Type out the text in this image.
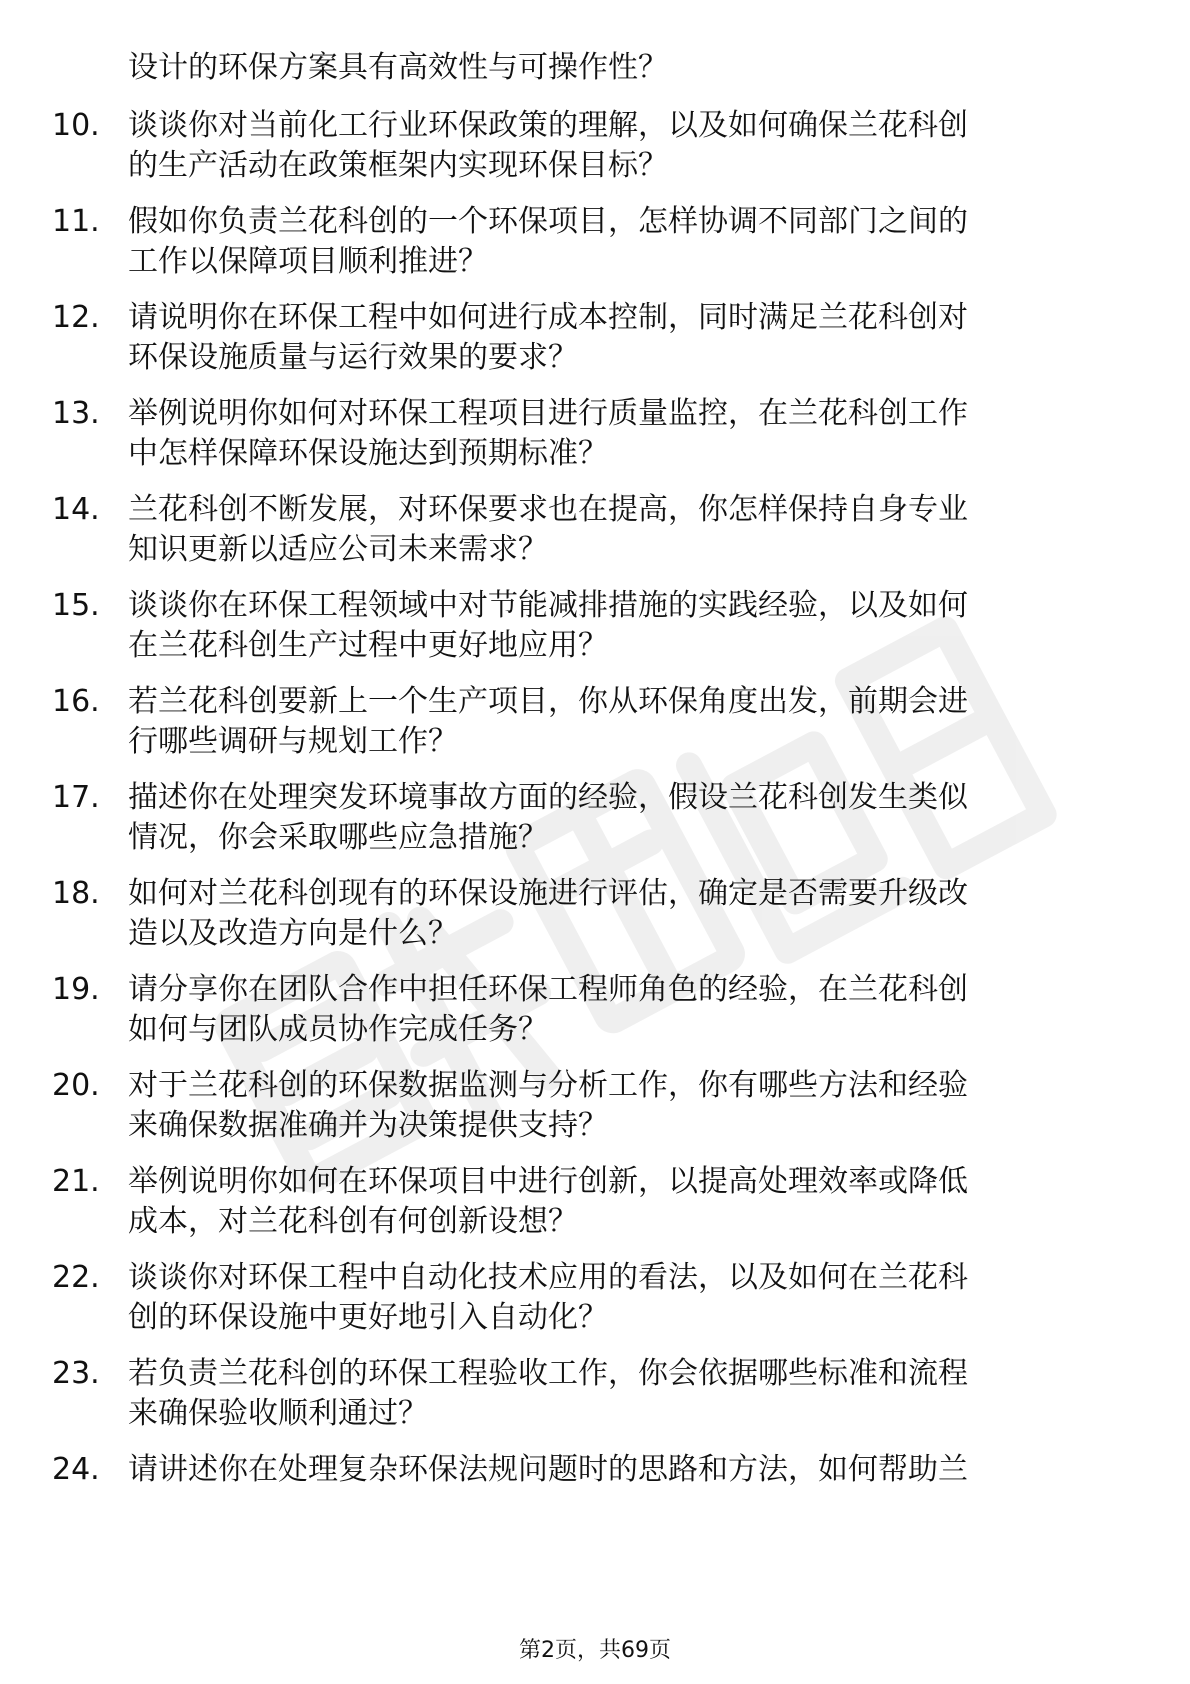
设计的环保方案具有高效性与可操作性？
10. 谈谈你对当前化工行业环保政策的理解，以及如何确保兰花科创
的生产活动在政策框架内实现环保目标？
11. 假如你负责兰花科创的一个环保项目，怎样协调不同部门之间的
工作以保障项目顺利推进？
12. 请说明你在环保工程中如何进行成本控制，同时满足兰花科创对
环保设施质量与运行效果的要求？
13. 举例说明你如何对环保工程项目进行质量监控，在兰花科创工作
中怎样保障环保设施达到预期标准？
14. 兰花科创不断发展，对环保要求也在提高，你怎样保持自身专业
知识更新以适应公司未来需求？
15. 谈谈你在环保工程领域中对节能减排措施的实践经验，以及如何
在兰花科创生产过程中更好地应用？
16. 若兰花科创要新上一个生产项目，你从环保角度出发，前期会进
行哪些调研与规划工作？
17. 描述你在处理突发环境事故方面的经验，假设兰花科创发生类似
情况，你会采取哪些应急措施？
18. 如何对兰花科创现有的环保设施进行评估，确定是否需要升级改
造以及改造方向是什么？
19. 请分享你在团队合作中担任环保工程师角色的经验，在兰花科创
如何与团队成员协作完成任务？
20. 对于兰花科创的环保数据监测与分析工作，你有哪些方法和经验
来确保数据准确并为决策提供支持？
21. 举例说明你如何在环保项目中进行创新，以提高处理效率或降低
成本，对兰花科创有何创新设想？
22. 谈谈你对环保工程中自动化技术应用的看法，以及如何在兰花科
创的环保设施中更好地引入自动化？
23. 若负责兰花科创的环保工程验收工作，你会依据哪些标准和流程
来确保验收顺利通过？
24. 请讲述你在处理复杂环保法规问题时的思路和方法，如何帮助兰
第2页，共69页
